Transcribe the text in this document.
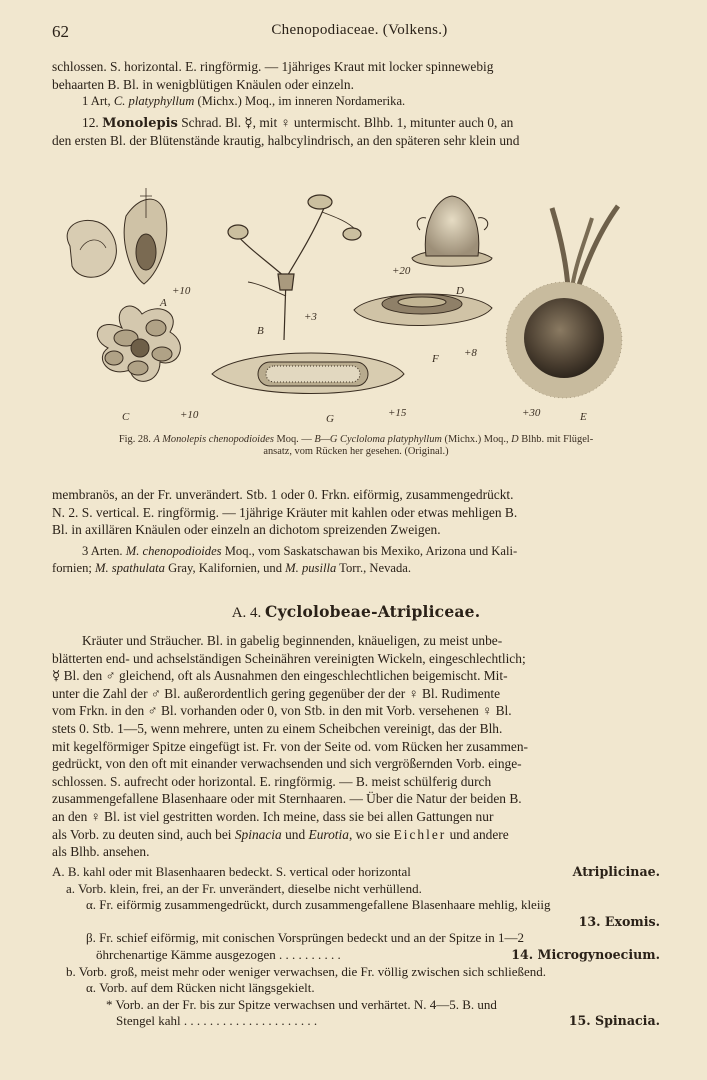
62	Chenopodiaceae. (Volkens.)

schlossen. S. horizontal. E. ringförmig. — 1jähriges Kraut mit locker spinnewebig

behaarten B. Bl. in wenigblütigen Knäulen oder einzeln.

1 Art, C. platyphyllum (Michx.) Moq., im inneren Nordamerika.

12. Monolepis Schrad. Bl. ☿, mit ♀ untermischt. Blhb. 1, mitunter auch 0, an

den ersten Bl. der Blütenstände krautig, halbcylindrisch, an den späteren sehr klein und

A
+10
B
+3
C	+10
D
+20
F +8
G	+15	E
+30
Fig. 28. A Monolepis chenopodioides Moq. — B—G Cycloloma platyphyllum (Michx.) Moq., D Blhb. mit Flügel-
ansatz, vom Rücken her gesehen. (Original.)

membranös, an der Fr. unverändert. Stb. 1 oder 0. Frkn. eiförmig, zusammengedrückt.

N. 2. S. vertical. E. ringförmig. — 1jährige Kräuter mit kahlen oder etwas mehligen B.

Bl. in axillären Knäulen oder einzeln an dichotom spreizenden Zweigen.

3 Arten. M. chenopodioides Moq., vom Saskatschawan bis Mexiko, Arizona und Kali-

fornien; M. spathulata Gray, Kalifornien, und M. pusilla Torr., Nevada.

A. 4. Cyclolobeae-Atripliceae.

Kräuter und Sträucher. Bl. in gabelig beginnenden, knäueligen, zu meist unbe-

blätterten end- und achselständigen Scheinähren vereinigten Wickeln, eingeschlechtlich;

☿ Bl. den ♂ gleichend, oft als Ausnahmen den eingeschlechtlichen beigemischt. Mit-

unter die Zahl der ♂ Bl. außerordentlich gering gegenüber der der ♀ Bl. Rudimente

vom Frkn. in den ♂ Bl. vorhanden oder 0, von Stb. in den mit Vorb. versehenen ♀ Bl.

stets 0. Stb. 1—5, wenn mehrere, unten zu einem Scheibchen vereinigt, das der Blh.

mit kegelförmiger Spitze eingefügt ist. Fr. von der Seite od. vom Rücken her zusammen-

gedrückt, von den oft mit einander verwachsenden und sich vergrößernden Vorb. einge-

schlossen. S. aufrecht oder horizontal. E. ringförmig. — B. meist schülferig durch

zusammengefallene Blasenhaare oder mit Sternhaaren. — Über die Natur der beiden B.

an den ♀ Bl. ist viel gestritten worden. Ich meine, dass sie bei allen Gattungen nur

als Vorb. zu deuten sind, auch bei Spinacia und Eurotia, wo sie Eichler und andere

als Blhb. ansehen.

A. B. kahl oder mit Blasenhaaren bedeckt. S. vertical oder horizontal	Atriplicinae.
a. Vorb. klein, frei, an der Fr. unverändert, dieselbe nicht verhüllend.
α. Fr. eiförmig zusammengedrückt, durch zusammengefallene Blasenhaare mehlig, kleiig
13. Exomis.
β. Fr. schief eiförmig, mit conischen Vorsprüngen bedeckt und an der Spitze in 1—2
öhrchenartige Kämme ausgezogen . . . . . . . . . .	14. Microgynoecium.
b. Vorb. groß, meist mehr oder weniger verwachsen, die Fr. völlig zwischen sich schließend.
α. Vorb. auf dem Rücken nicht längsgekielt.
* Vorb. an der Fr. bis zur Spitze verwachsen und verhärtet. N. 4—5. B. und
Stengel kahl . . . . . . . . . . . . . . . . . . . . .	15. Spinacia.
